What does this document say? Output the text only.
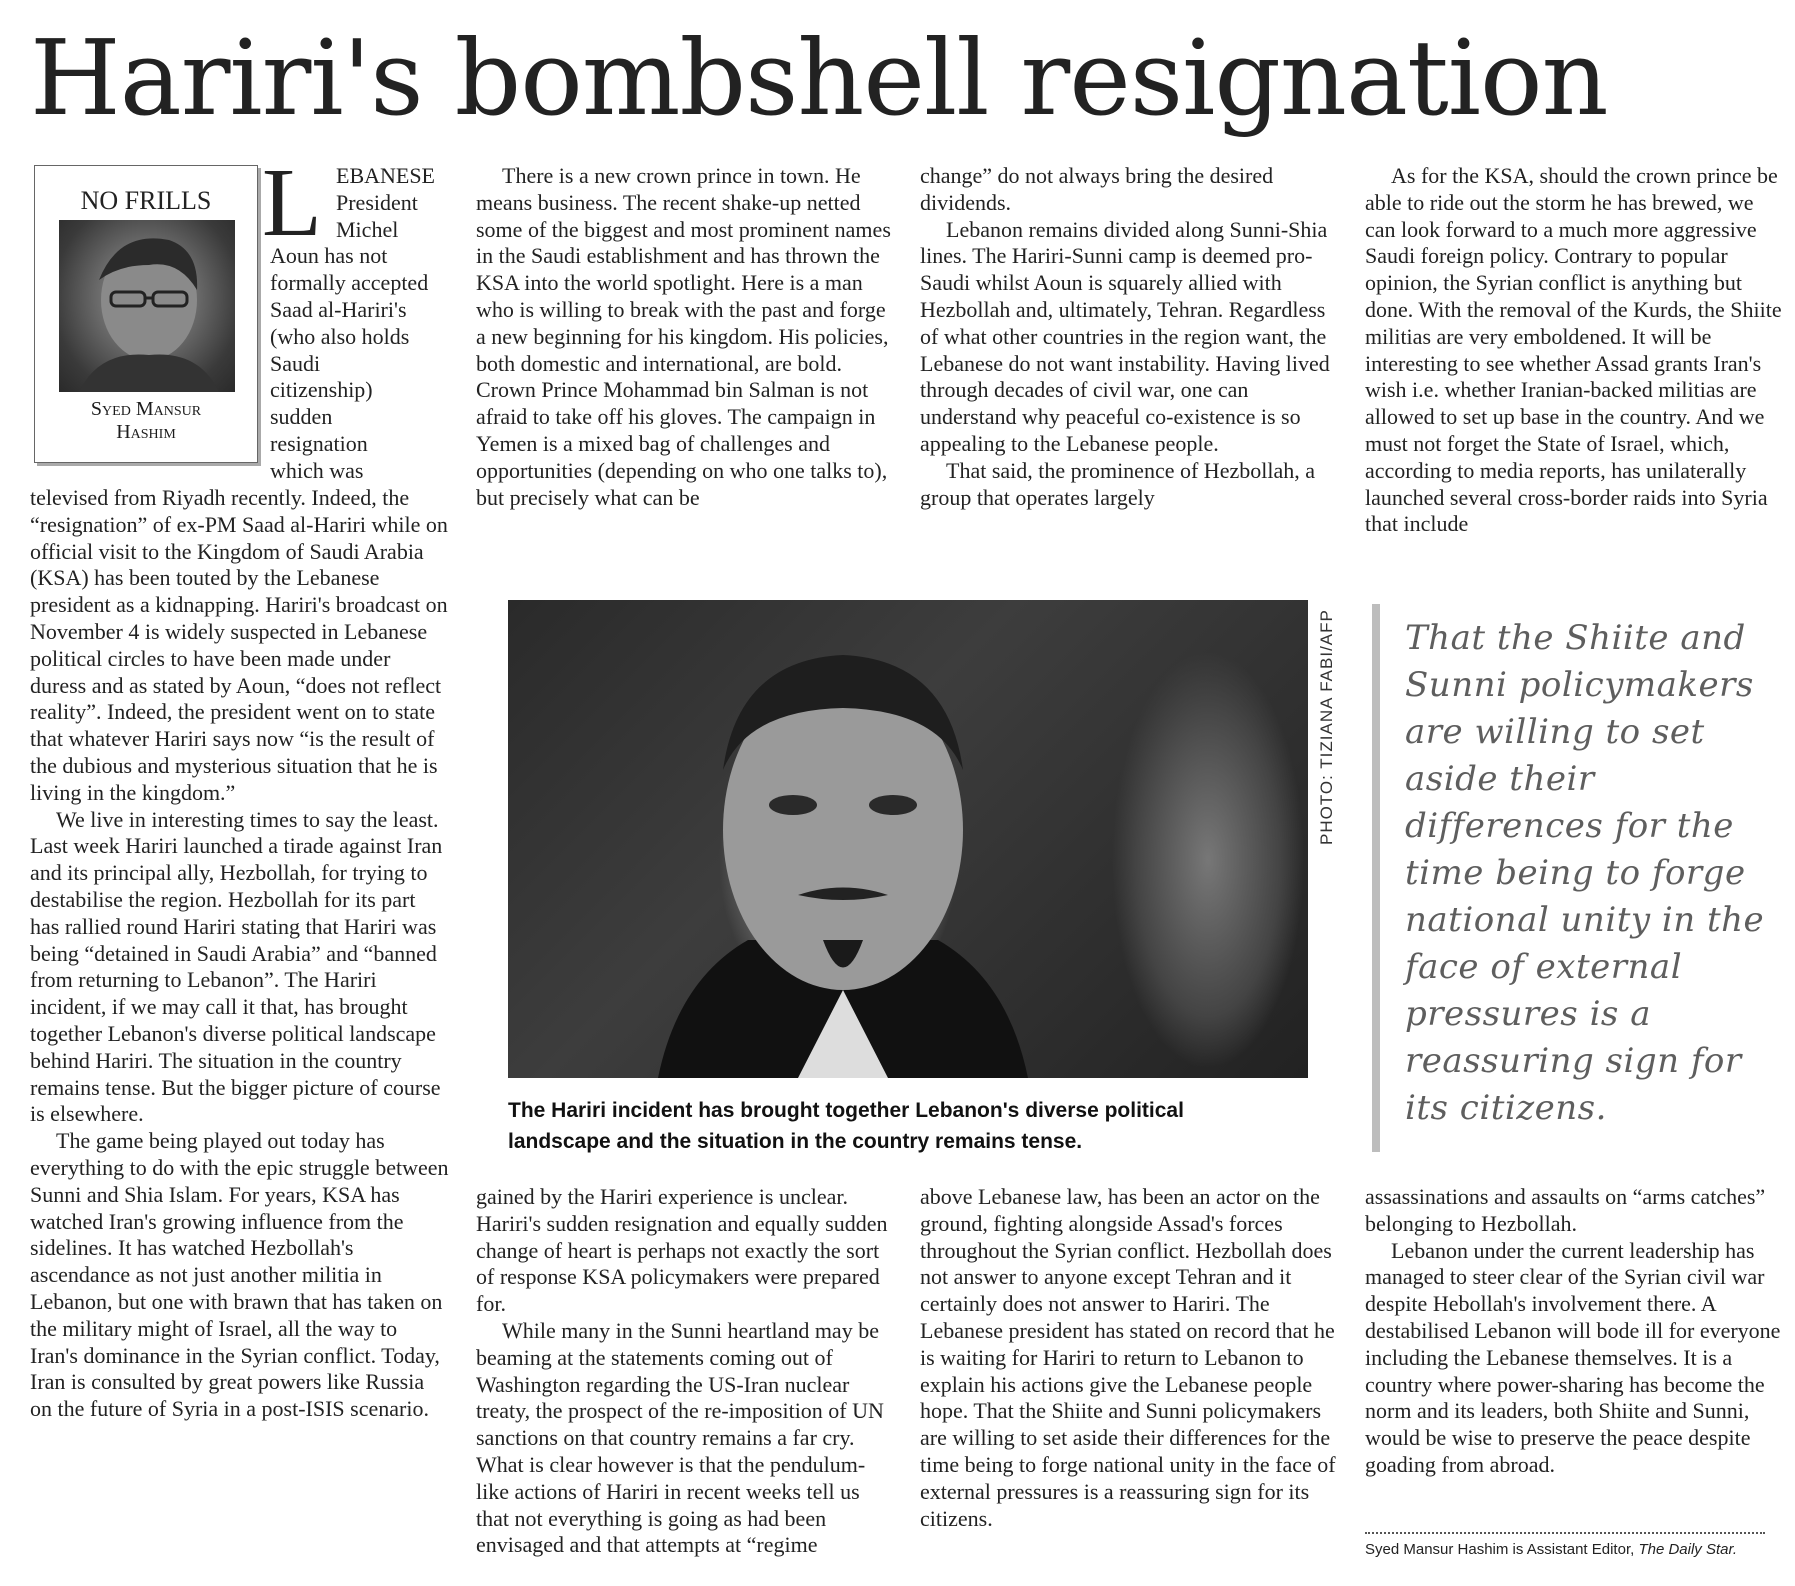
Hariri's bombshell resignation
NO FRILLS
Syed Mansur
Hashim
L EBANESE
President
Michel
Aoun has not
formally accepted
Saad al-Hariri's
(who also holds
Saudi
citizenship)
sudden
resignation
which was

televised from Riyadh recently. Indeed, the “resignation” of ex-PM Saad al-Hariri while on official visit to the Kingdom of Saudi Arabia (KSA) has been touted by the Lebanese president as a kidnapping. Hariri's broadcast on November 4 is widely suspected in Lebanese political circles to have been made under duress and as stated by Aoun, “does not reflect reality”. Indeed, the president went on to state that whatever Hariri says now “is the result of the dubious and mysterious situation that he is living in the kingdom.”

We live in interesting times to say the least. Last week Hariri launched a tirade against Iran and its principal ally, Hezbollah, for trying to destabilise the region. Hezbollah for its part has rallied round Hariri stating that Hariri was being “detained in Saudi Arabia” and “banned from returning to Lebanon”. The Hariri incident, if we may call it that, has brought together Lebanon's diverse political landscape behind Hariri. The situation in the country remains tense. But the bigger picture of course is elsewhere.

The game being played out today has everything to do with the epic struggle between Sunni and Shia Islam. For years, KSA has watched Iran's growing influence from the sidelines. It has watched Hezbollah's ascendance as not just another militia in Lebanon, but one with brawn that has taken on the military might of Israel, all the way to Iran's dominance in the Syrian conflict. Today, Iran is consulted by great powers like Russia on the future of Syria in a post-ISIS scenario.

There is a new crown prince in town. He means business. The recent shake-up netted some of the biggest and most prominent names in the Saudi establishment and has thrown the KSA into the world spotlight. Here is a man who is willing to break with the past and forge a new beginning for his kingdom. His policies, both domestic and international, are bold. Crown Prince Mohammad bin Salman is not afraid to take off his gloves. The campaign in Yemen is a mixed bag of challenges and opportunities (depending on who one talks to), but precisely what can be

change” do not always bring the desired dividends.

Lebanon remains divided along Sunni-Shia lines. The Hariri-Sunni camp is deemed pro-Saudi whilst Aoun is squarely allied with Hezbollah and, ultimately, Tehran. Regardless of what other countries in the region want, the Lebanese do not want instability. Having lived through decades of civil war, one can understand why peaceful co-existence is so appealing to the Lebanese people.

That said, the prominence of Hezbollah, a group that operates largely

As for the KSA, should the crown prince be able to ride out the storm he has brewed, we can look forward to a much more aggressive Saudi foreign policy. Contrary to popular opinion, the Syrian conflict is anything but done. With the removal of the Kurds, the Shiite militias are very emboldened. It will be interesting to see whether Assad grants Iran's wish i.e. whether Iranian-backed militias are allowed to set up base in the country. And we must not forget the State of Israel, which, according to media reports, has unilaterally launched several cross-border raids into Syria that include

PHOTO: TIZIANA FABI/AFP
The Hariri incident has brought together Lebanon's diverse political landscape and the situation in the country remains tense.
That the Shiite and Sunni policymakers are willing to set aside their differences for the time being to forge national unity in the face of external pressures is a reassuring sign for its citizens.

gained by the Hariri experience is unclear. Hariri's sudden resignation and equally sudden change of heart is perhaps not exactly the sort of response KSA policymakers were prepared for.

While many in the Sunni heartland may be beaming at the statements coming out of Washington regarding the US-Iran nuclear treaty, the prospect of the re-imposition of UN sanctions on that country remains a far cry. What is clear however is that the pendulum-like actions of Hariri in recent weeks tell us that not everything is going as had been envisaged and that attempts at “regime

above Lebanese law, has been an actor on the ground, fighting alongside Assad's forces throughout the Syrian conflict. Hezbollah does not answer to anyone except Tehran and it certainly does not answer to Hariri. The Lebanese president has stated on record that he is waiting for Hariri to return to Lebanon to explain his actions give the Lebanese people hope. That the Shiite and Sunni policymakers are willing to set aside their differences for the time being to forge national unity in the face of external pressures is a reassuring sign for its citizens.

assassinations and assaults on “arms catches” belonging to Hezbollah.

Lebanon under the current leadership has managed to steer clear of the Syrian civil war despite Hebollah's involvement there. A destabilised Lebanon will bode ill for everyone including the Lebanese themselves. It is a country where power-sharing has become the norm and its leaders, both Shiite and Sunni, would be wise to preserve the peace despite goading from abroad.

Syed Mansur Hashim is Assistant Editor, The Daily Star.
